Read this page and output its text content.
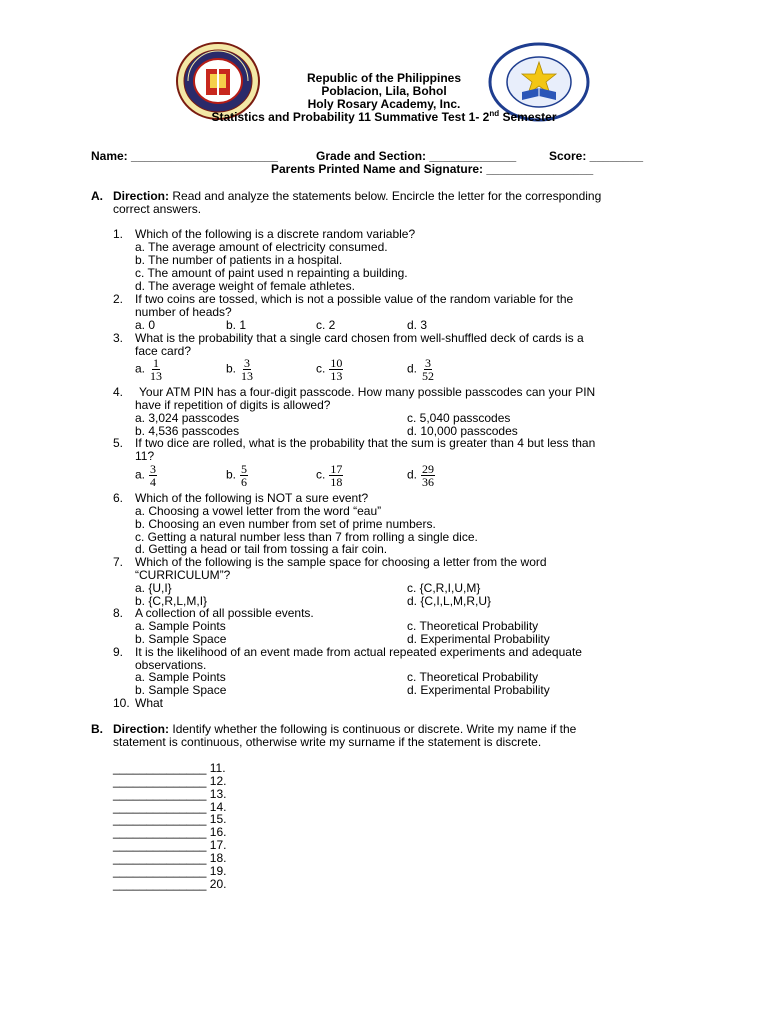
Republic of the Philippines
Poblacion, Lila, Bohol
Holy Rosary Academy, Inc.
Statistics and Probability 11 Summative Test 1- 2nd Semester
Name: ______________________	Grade and Section: _____________	Score: ________
Parents Printed Name and Signature: ________________
A. Direction: Read and analyze the statements below. Encircle the letter for the corresponding
correct answers.
1. Which of the following is a discrete random variable?
a. The average amount of electricity consumed.
b. The number of patients in a hospital.
c. The amount of paint used n repainting a building.
d. The average weight of female athletes.
2. If two coins are tossed, which is not a possible value of the random variable for the
number of heads?
a. 0	b. 1	c. 2	d. 3
3. What is the probability that a single card chosen from well-shuffled deck of cards is a
face card?
a. $\frac{1}{13}$	b. $\frac{3}{13}$	c. $\frac{10}{13}$	d. $\frac{3}{52}$
4. Your ATM PIN has a four-digit passcode. How many possible passcodes can your PIN
have if repetition of digits is allowed?
a. 3,024 passcodes	c. 5,040 passcodes
b. 4,536 passcodes	d. 10,000 passcodes
5. If two dice are rolled, what is the probability that the sum is greater than 4 but less than
11?
a. $\frac{3}{4}$	b. $\frac{5}{6}$	c. $\frac{17}{18}$	d. $\frac{29}{36}$
6. Which of the following is NOT a sure event?
a. Choosing a vowel letter from the word “eau”
b. Choosing an even number from set of prime numbers.
c. Getting a natural number less than 7 from rolling a single dice.
d. Getting a head or tail from tossing a fair coin.
7. Which of the following is the sample space for choosing a letter from the word
“CURRICULUM”?
a. {U,I}	c. {C,R,I,U,M}
b. {C,R,L,M,I}	d. {C,I,L,M,R,U}
8. A collection of all possible events.
a. Sample Points	c. Theoretical Probability
b. Sample Space	d. Experimental Probability
9. It is the likelihood of an event made from actual repeated experiments and adequate
observations.
a. Sample Points	c. Theoretical Probability
b. Sample Space	d. Experimental Probability
10. What
B. Direction: Identify whether the following is continuous or discrete. Write my name if the
statement is continuous, otherwise write my surname if the statement is discrete.
______________ 11.
______________ 12.
______________ 13.
______________ 14.
______________ 15.
______________ 16.
______________ 17.
______________ 18.
______________ 19.
______________ 20.
